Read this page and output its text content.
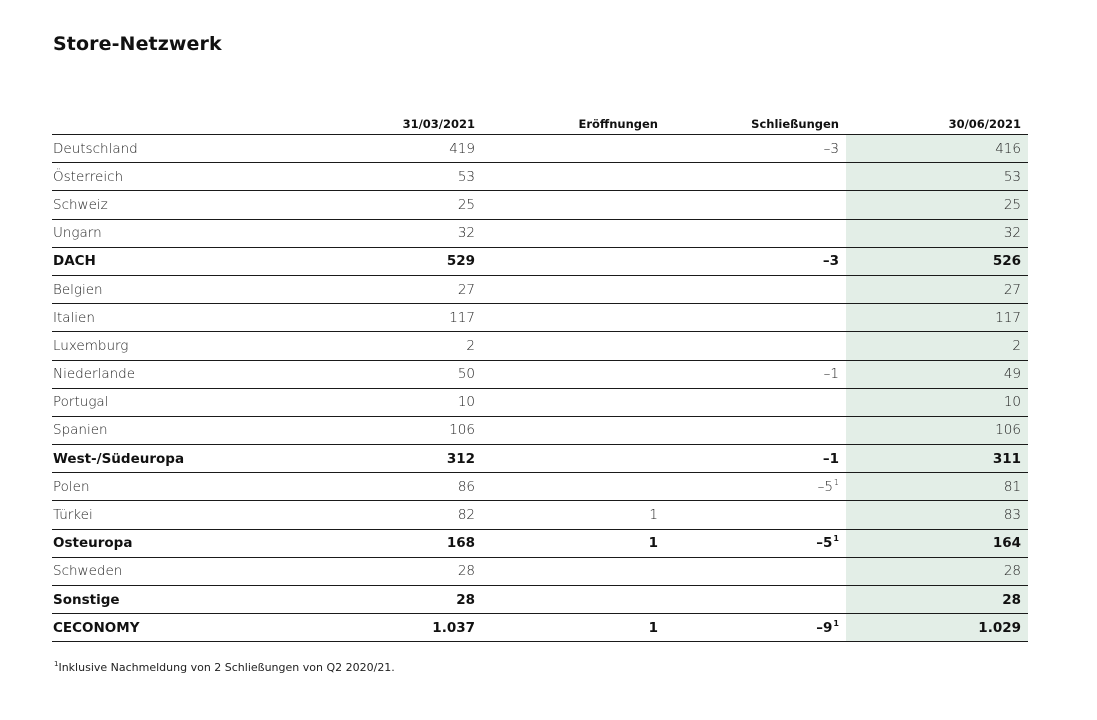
Store-Netzwerk
	31/03/2021	Eröffnungen	Schließungen	30/06/2021
Deutschland	419		–3	416
Österreich	53			53
Schweiz	25			25
Ungarn	32			32
DACH	529		–3	526
Belgien	27			27
Italien	117			117
Luxemburg	2			2
Niederlande	50		–1	49
Portugal	10			10
Spanien	106			106
West-/Südeuropa	312		–1	311
Polen	86		$-5^1$	81
Türkei	82	1		83
Osteuropa	168	1	$-5^1$	164
Schweden	28			28
Sonstige	28			28
CECONOMY	1.037	1	$-9^1$	1.029
$^1$Inklusive Nachmeldung von 2 Schließungen von Q2 2020/21.
